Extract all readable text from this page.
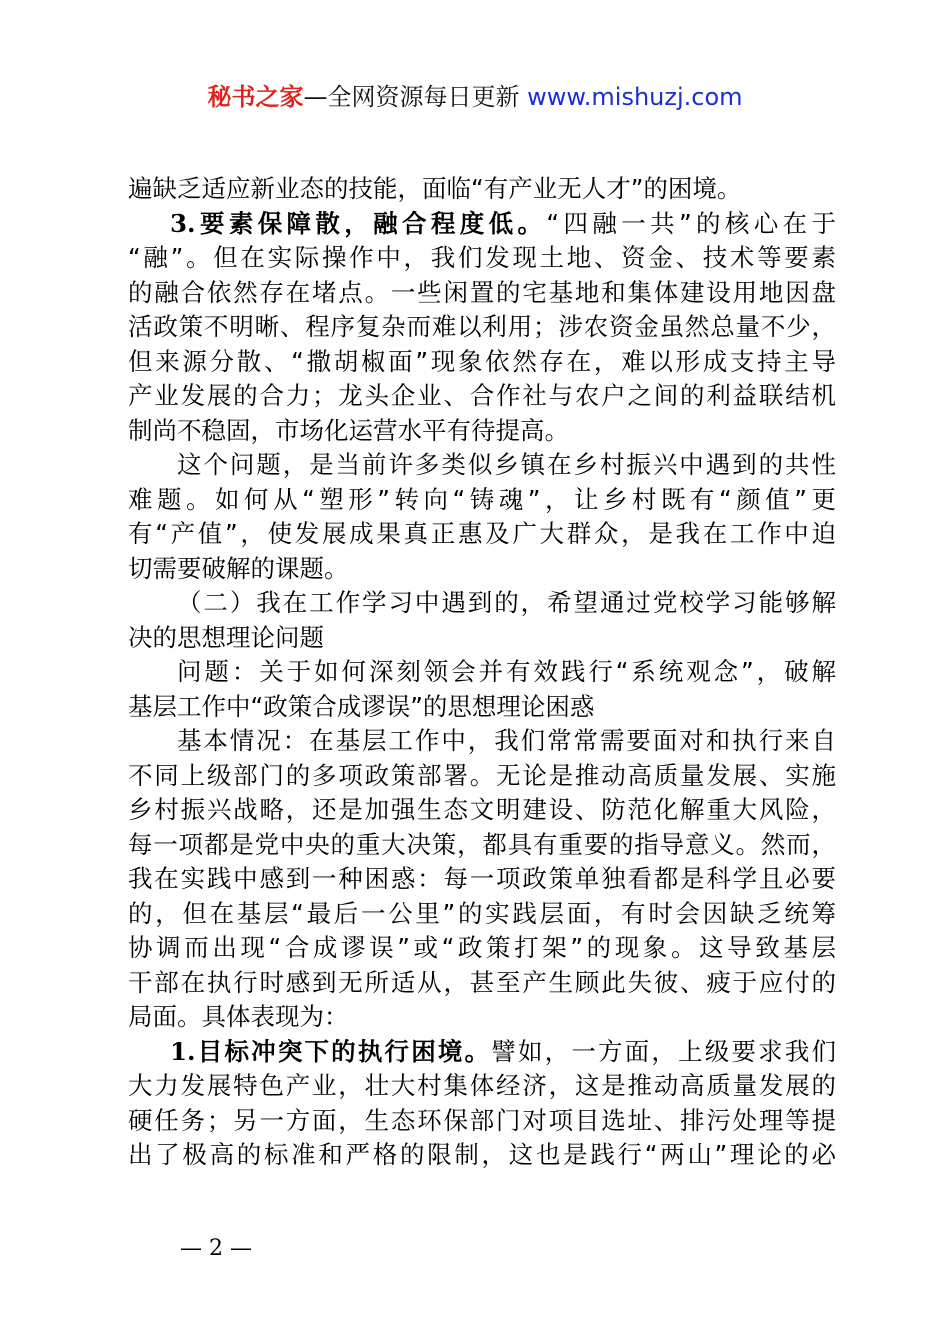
秘书之家—全网资源每日更新 www.mishuzj.com
遍缺乏适应新业态的技能，面临“有产业无人才”的困境。
3.要素保障散，融合程度低。“四融一共”的核心在于
“融”。但在实际操作中，我们发现土地、资金、技术等要素
的融合依然存在堵点。一些闲置的宅基地和集体建设用地因盘
活政策不明晰、程序复杂而难以利用；涉农资金虽然总量不少，
但来源分散、“撒胡椒面”现象依然存在，难以形成支持主导
产业发展的合力；龙头企业、合作社与农户之间的利益联结机
制尚不稳固，市场化运营水平有待提高。
这个问题，是当前许多类似乡镇在乡村振兴中遇到的共性
难题。如何从“塑形”转向“铸魂”，让乡村既有“颜值”更
有“产值”，使发展成果真正惠及广大群众，是我在工作中迫
切需要破解的课题。
（二）我在工作学习中遇到的，希望通过党校学习能够解
决的思想理论问题
问题：关于如何深刻领会并有效践行“系统观念”，破解
基层工作中“政策合成谬误”的思想理论困惑
基本情况：在基层工作中，我们常常需要面对和执行来自
不同上级部门的多项政策部署。无论是推动高质量发展、实施
乡村振兴战略，还是加强生态文明建设、防范化解重大风险，
每一项都是党中央的重大决策，都具有重要的指导意义。然而，
我在实践中感到一种困惑：每一项政策单独看都是科学且必要
的，但在基层“最后一公里”的实践层面，有时会因缺乏统筹
协调而出现“合成谬误”或“政策打架”的现象。这导致基层
干部在执行时感到无所适从，甚至产生顾此失彼、疲于应付的
局面。具体表现为：
1.目标冲突下的执行困境。譬如，一方面，上级要求我们
大力发展特色产业，壮大村集体经济，这是推动高质量发展的
硬任务；另一方面，生态环保部门对项目选址、排污处理等提
出了极高的标准和严格的限制，这也是践行“两山”理论的必
— 2 —
